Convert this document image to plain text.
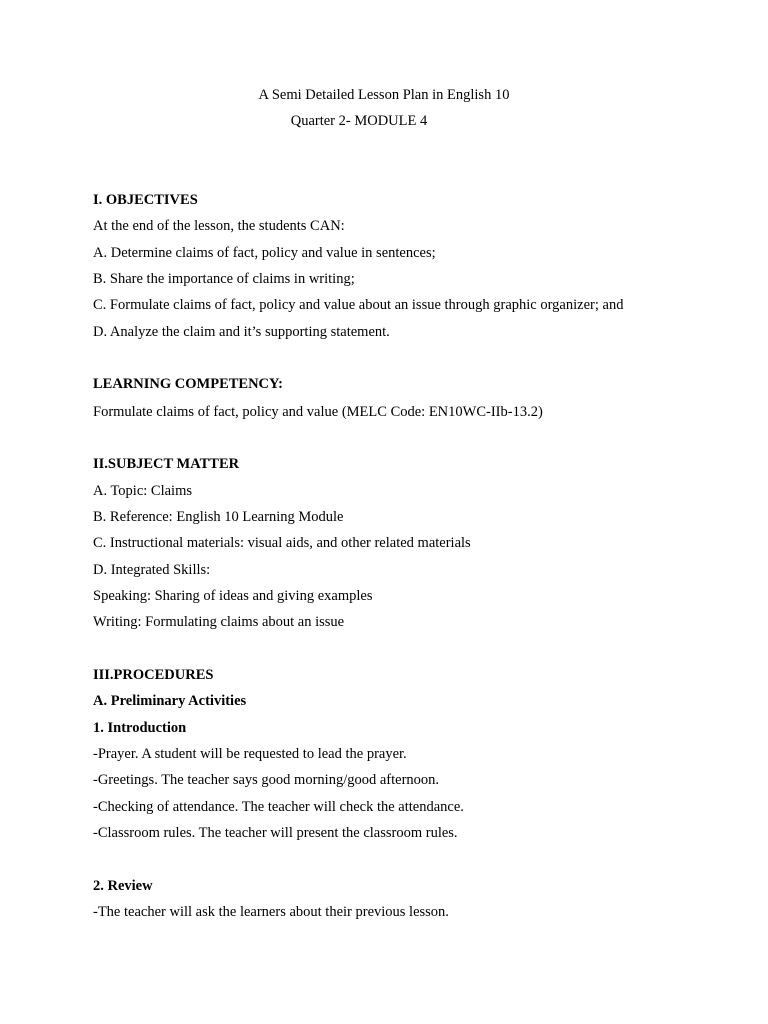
A Semi Detailed Lesson Plan in English 10
Quarter 2- MODULE 4
I. OBJECTIVES
At the end of the lesson, the students CAN:
A. Determine claims of fact, policy and value in sentences;
B. Share the importance of claims in writing;
C. Formulate claims of fact, policy and value about an issue through graphic organizer; and
D. Analyze the claim and it’s supporting statement.
LEARNING COMPETENCY:
Formulate claims of fact, policy and value (MELC Code: EN10WC-IIb-13.2)
II.SUBJECT MATTER
A. Topic: Claims
B. Reference: English 10 Learning Module
C. Instructional materials: visual aids, and other related materials
D. Integrated Skills:
Speaking: Sharing of ideas and giving examples
Writing: Formulating claims about an issue
III.PROCEDURES
A. Preliminary Activities
1. Introduction
-Prayer. A student will be requested to lead the prayer.
-Greetings. The teacher says good morning/good afternoon.
-Checking of attendance. The teacher will check the attendance.
-Classroom rules. The teacher will present the classroom rules.
2. Review
-The teacher will ask the learners about their previous lesson.
